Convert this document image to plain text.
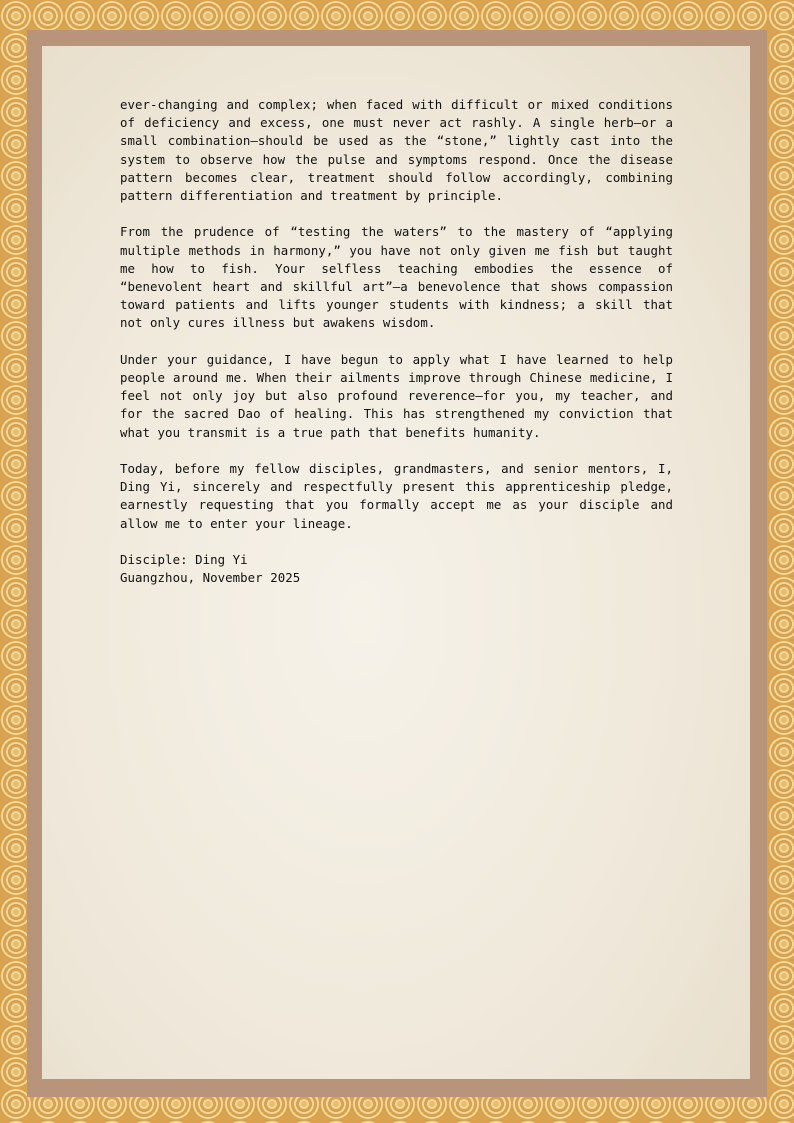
ever-changing and complex; when faced with difficult or mixed conditions of deficiency and excess, one must never act rashly. A single herb—or a small combination—should be used as the “stone,” lightly cast into the system to observe how the pulse and symptoms respond. Once the disease pattern becomes clear, treatment should follow accordingly, combining pattern differentiation and treatment by principle.

From the prudence of “testing the waters” to the mastery of “applying multiple methods in harmony,” you have not only given me fish but taught me how to fish. Your selfless teaching embodies the essence of “benevolent heart and skillful art”—a benevolence that shows compassion toward patients and lifts younger students with kindness; a skill that not only cures illness but awakens wisdom.

Under your guidance, I have begun to apply what I have learned to help people around me. When their ailments improve through Chinese medicine, I feel not only joy but also profound reverence—for you, my teacher, and for the sacred Dao of healing. This has strengthened my conviction that what you transmit is a true path that benefits humanity.

Today, before my fellow disciples, grandmasters, and senior mentors, I, Ding Yi, sincerely and respectfully present this apprenticeship pledge, earnestly requesting that you formally accept me as your disciple and allow me to enter your lineage.

Disciple: Ding Yi
Guangzhou, November 2025
